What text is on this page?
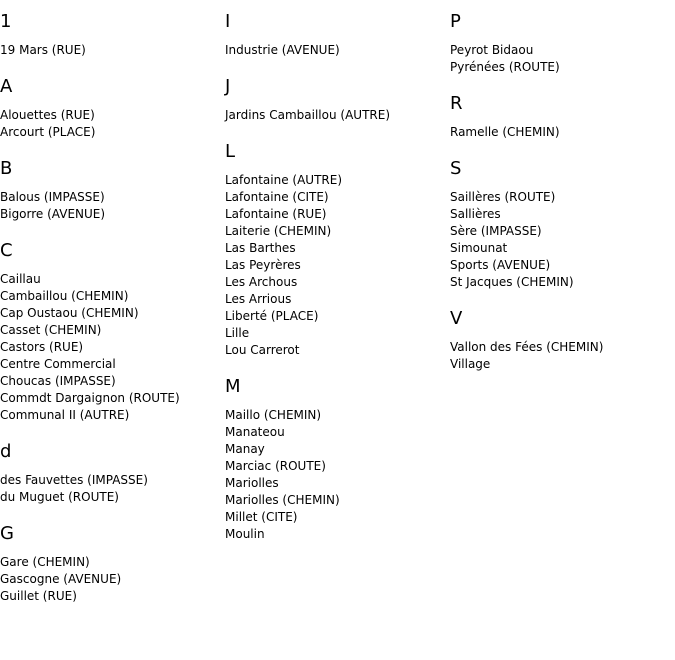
1
19 Mars (RUE)
A
Alouettes (RUE)
Arcourt (PLACE)
B
Balous (IMPASSE)
Bigorre (AVENUE)
C
Caillau
Cambaillou (CHEMIN)
Cap Oustaou (CHEMIN)
Casset (CHEMIN)
Castors (RUE)
Centre Commercial
Choucas (IMPASSE)
Commdt Dargaignon (ROUTE)
Communal II (AUTRE)
d
des Fauvettes (IMPASSE)
du Muguet (ROUTE)
G
Gare (CHEMIN)
Gascogne (AVENUE)
Guillet (RUE)
I
Industrie (AVENUE)
J
Jardins Cambaillou (AUTRE)
L
Lafontaine (AUTRE)
Lafontaine (CITE)
Lafontaine (RUE)
Laiterie (CHEMIN)
Las Barthes
Las Peyrères
Les Archous
Les Arrious
Liberté (PLACE)
Lille
Lou Carrerot
M
Maillo (CHEMIN)
Manateou
Manay
Marciac (ROUTE)
Mariolles
Mariolles (CHEMIN)
Millet (CITE)
Moulin
P
Peyrot Bidaou
Pyrénées (ROUTE)
R
Ramelle (CHEMIN)
S
Saillères (ROUTE)
Sallières
Sère (IMPASSE)
Simounat
Sports (AVENUE)
St Jacques (CHEMIN)
V
Vallon des Fées (CHEMIN)
Village
